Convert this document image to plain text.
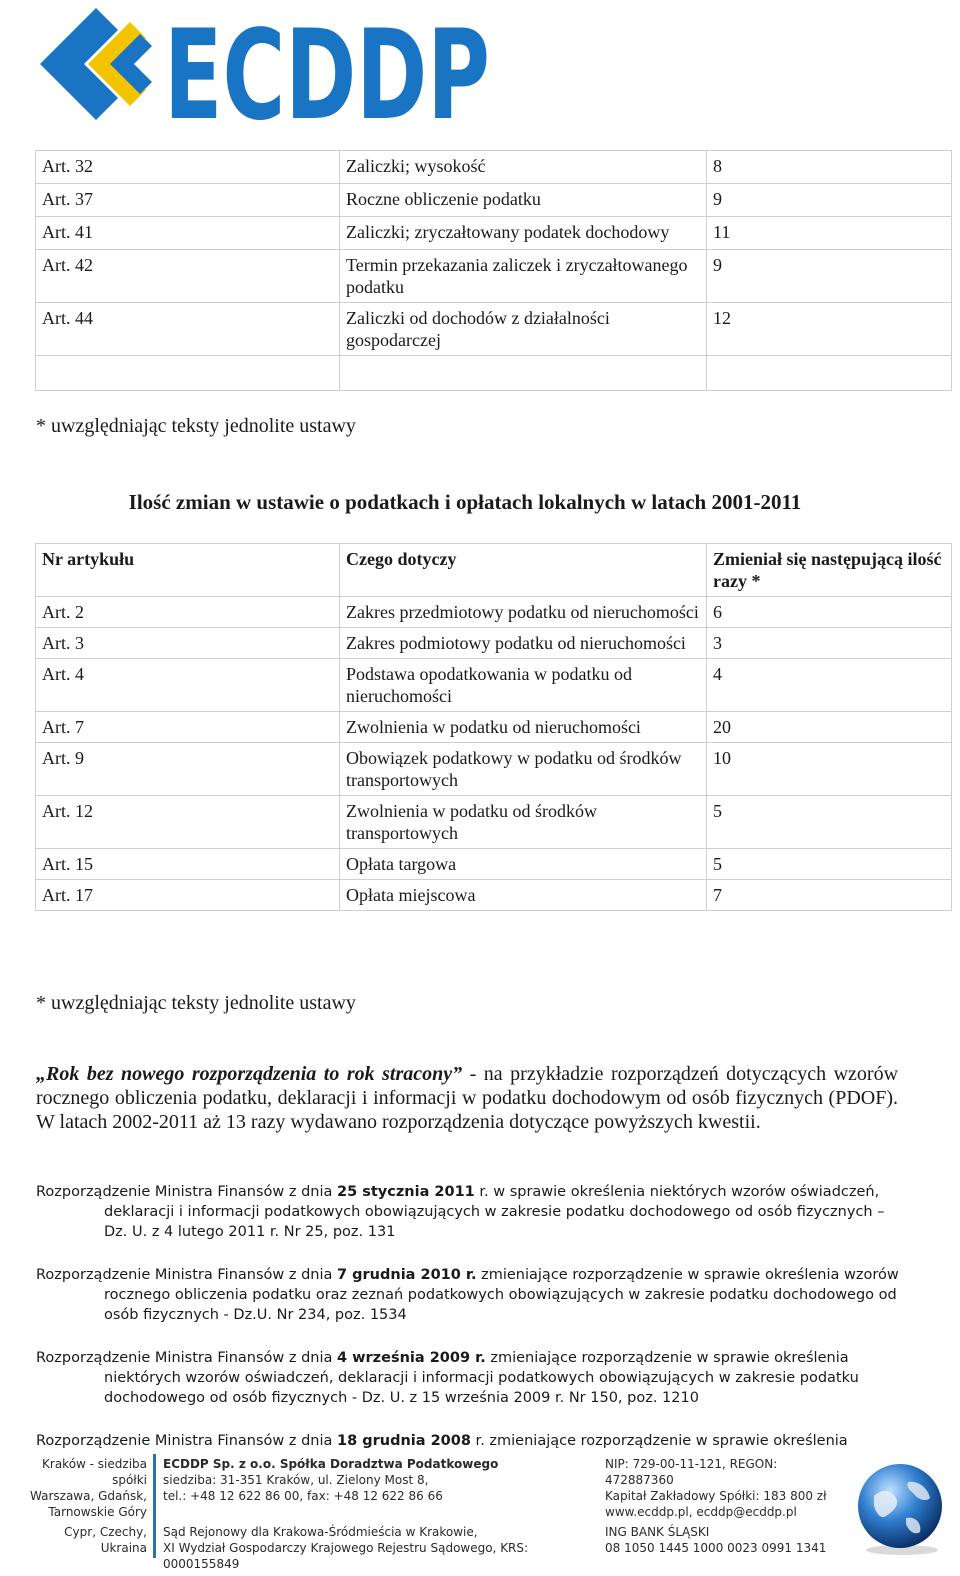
ECDDP
Art. 32	Zaliczki; wysokość	8
Art. 37	Roczne obliczenie podatku	9
Art. 41	Zaliczki; zryczałtowany podatek dochodowy	11
Art. 42	Termin przekazania zaliczek i zryczałtowanego podatku	9
Art. 44	Zaliczki od dochodów z działalności gospodarczej	12

* uwzględniając teksty jednolite ustawy
Ilość zmian w ustawie o podatkach i opłatach lokalnych w latach 2001-2011
Nr artykułu	Czego dotyczy	Zmieniał się następującą ilość razy *
Art. 2	Zakres przedmiotowy podatku od nieruchomości	6
Art. 3	Zakres podmiotowy podatku od nieruchomości	3
Art. 4	Podstawa opodatkowania w podatku od nieruchomości	4
Art. 7	Zwolnienia w podatku od nieruchomości	20
Art. 9	Obowiązek podatkowy w podatku od środków transportowych	10
Art. 12	Zwolnienia w podatku od środków transportowych	5
Art. 15	Opłata targowa	5
Art. 17	Opłata miejscowa	7
* uwzględniając teksty jednolite ustawy
„Rok bez nowego rozporządzenia to rok stracony” - na przykładzie rozporządzeń dotyczących wzorów rocznego obliczenia podatku, deklaracji i informacji w podatku dochodowym od osób fizycznych (PDOF). W latach 2002-2011 aż 13 razy wydawano rozporządzenia dotyczące powyższych kwestii.
Rozporządzenie Ministra Finansów z dnia 25 stycznia 2011 r. w sprawie określenia niektórych wzorów oświadczeń, deklaracji i informacji podatkowych obowiązujących w zakresie podatku dochodowego od osób fizycznych – Dz. U. z 4 lutego 2011 r. Nr 25, poz. 131
Rozporządzenie Ministra Finansów z dnia 7 grudnia 2010 r. zmieniające rozporządzenie w sprawie określenia wzorów rocznego obliczenia podatku oraz zeznań podatkowych obowiązujących w zakresie podatku dochodowego od osób fizycznych - Dz.U. Nr 234, poz. 1534
Rozporządzenie Ministra Finansów z dnia 4 września 2009 r. zmieniające rozporządzenie w sprawie określenia niektórych wzorów oświadczeń, deklaracji i informacji podatkowych obowiązujących w zakresie podatku dochodowego od osób fizycznych - Dz. U. z 15 września 2009 r. Nr 150, poz. 1210
Rozporządzenie Ministra Finansów z dnia 18 grudnia 2008 r. zmieniające rozporządzenie w sprawie określenia
Kraków - siedziba spółki
Warszawa, Gdańsk,
Tarnowskie Góry
Cypr, Czechy,
Ukraina
ECDDP Sp. z o.o. Spółka Doradztwa Podatkowego
siedziba: 31-351 Kraków, ul. Zielony Most 8,
tel.: +48 12 622 86 00, fax: +48 12 622 86 66
Sąd Rejonowy dla Krakowa-Śródmieścia w Krakowie,
XI Wydział Gospodarczy Krajowego Rejestru Sądowego, KRS: 0000155849
NIP: 729-00-11-121, REGON: 472887360
Kapitał Zakładowy Spółki: 183 800 zł
www.ecddp.pl, ecddp@ecddp.pl
ING BANK ŚLĄSKI
08 1050 1445 1000 0023 0991 1341
